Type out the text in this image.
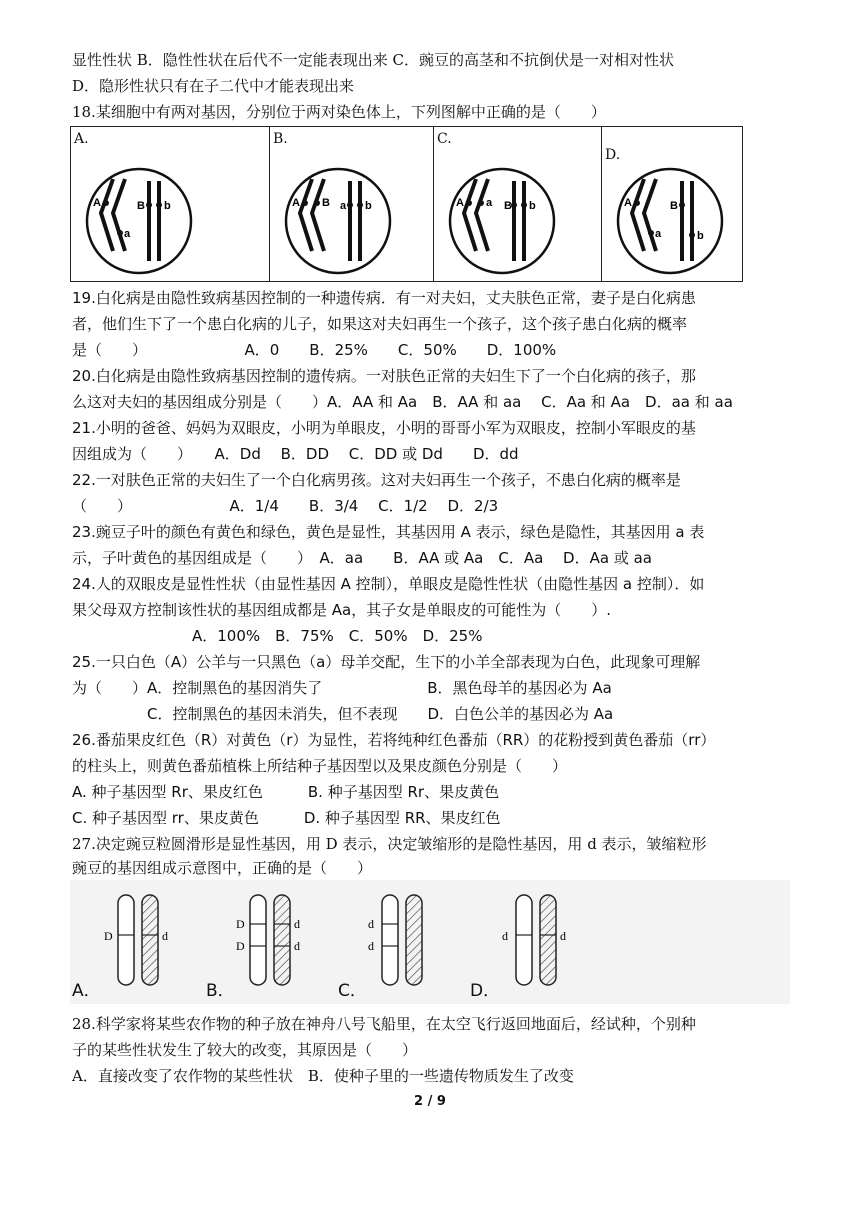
显性性状 B．隐性性状在后代不一定能表现出来 C．豌豆的高茎和不抗倒伏是一对相对性状
D．隐形性状只有在子二代中才能表现出来
18.某细胞中有两对基因，分别位于两对染色体上，下列图解中正确的是（　　）
A.
A
a
B b
B.
A B a b
C.
A a B b
D.
A
a
B
b
19.白化病是由隐性致病基因控制的一种遗传病．有一对夫妇，丈夫肤色正常，妻子是白化病患
者，他们生下了一个患白化病的儿子，如果这对夫妇再生一个孩子，这个孩子患白化病的概率
是（　　）　　　　　　　A．0　　B．25%　　C．50%　　D．100%
20.白化病是由隐性致病基因控制的遗传病。一对肤色正常的夫妇生下了一个白化病的孩子，那
么这对夫妇的基因组成分别是（　　）A．AA 和 Aa　B．AA 和 aa　 C．Aa 和 Aa　D．aa 和 aa
21.小明的爸爸、妈妈为双眼皮，小明为单眼皮，小明的哥哥小军为双眼皮，控制小军眼皮的基
因组成为（　　）　　A．Dd　 B．DD　 C．DD 或 Dd　　D．dd
22.一对肤色正常的夫妇生了一个白化病男孩。这对夫妇再生一个孩子，不患白化病的概率是
（　　）　　　　　　　A．1/4　　B．3/4　 C．1/2　 D．2/3
23.豌豆子叶的颜色有黄色和绿色，黄色是显性，其基因用 A 表示，绿色是隐性，其基因用 a 表
示，子叶黄色的基因组成是（　　）　A．aa　　B．AA 或 Aa　C．Aa　 D．Aa 或 aa
24.人的双眼皮是显性性状（由显性基因 A 控制），单眼皮是隐性性状（由隐性基因 a 控制）．如
果父母双方控制该性状的基因组成都是 Aa，其子女是单眼皮的可能性为（　　）.
　　　　　　　　A．100%　B．75%　C．50%　D．25%
25.一只白色（A）公羊与一只黑色（a）母羊交配，生下的小羊全部表现为白色，此现象可理解
为（　　）A．控制黑色的基因消失了　　　　　　　B．黑色母羊的基因必为 Aa
　　　　　C．控制黑色的基因未消失，但不表现　　D．白色公羊的基因必为 Aa
26.番茄果皮红色（R）对黄色（r）为显性，若将纯种红色番茄（RR）的花粉授到黄色番茄（rr）
的柱头上，则黄色番茄植株上所结种子基因型以及果皮颜色分别是（　　）
A. 种子基因型 Rr、果皮红色　　　B. 种子基因型 Rr、果皮黄色
C. 种子基因型 rr、果皮黄色　　　D. 种子基因型 RR、果皮红色
27.决定豌豆粒圆滑形是显性基因，用 D 表示，决定皱缩形的是隐性基因，用 d 表示，皱缩粒形
豌豆的基因组成示意图中，正确的是（　　）
D	d
D	d
D	d
d
d
d	d
A．	B．	C．	D．
28.科学家将某些农作物的种子放在神舟八号飞船里，在太空飞行返回地面后，经试种，个别种
子的某些性状发生了较大的改变，其原因是（　　）
A．直接改变了农作物的某些性状　B．使种子里的一些遗传物质发生了改变
2 / 9
